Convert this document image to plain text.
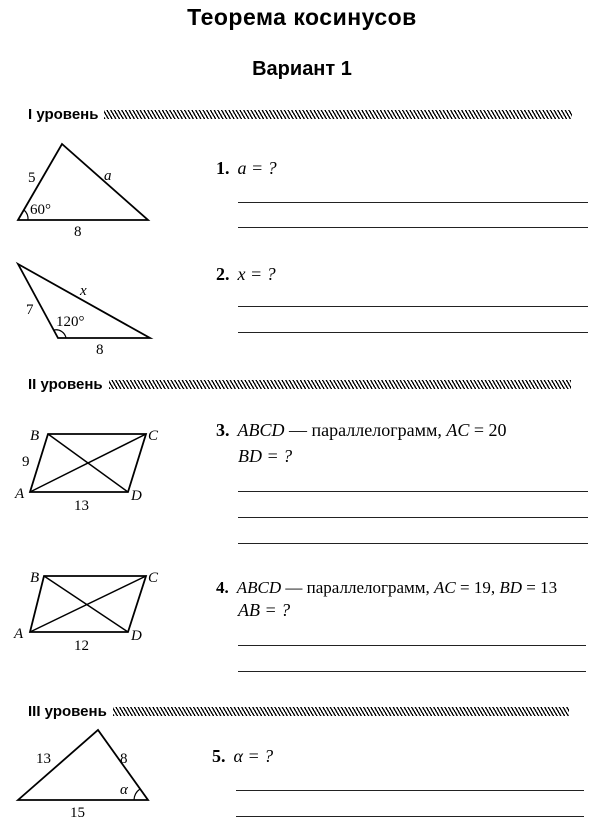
Теорема косинусов
Вариант 1
I уровень
II уровень
III уровень
5	a
8
60°
7
x
8
120°
B	C
A	D
9
13
B	C
A	D
12
13	8
15
α
1. a = ?
2. x = ?
3. ABCD — параллелограмм, AC = 20
BD = ?
4. ABCD — параллелограмм, AC = 19, BD = 13
AB = ?
5. α = ?
